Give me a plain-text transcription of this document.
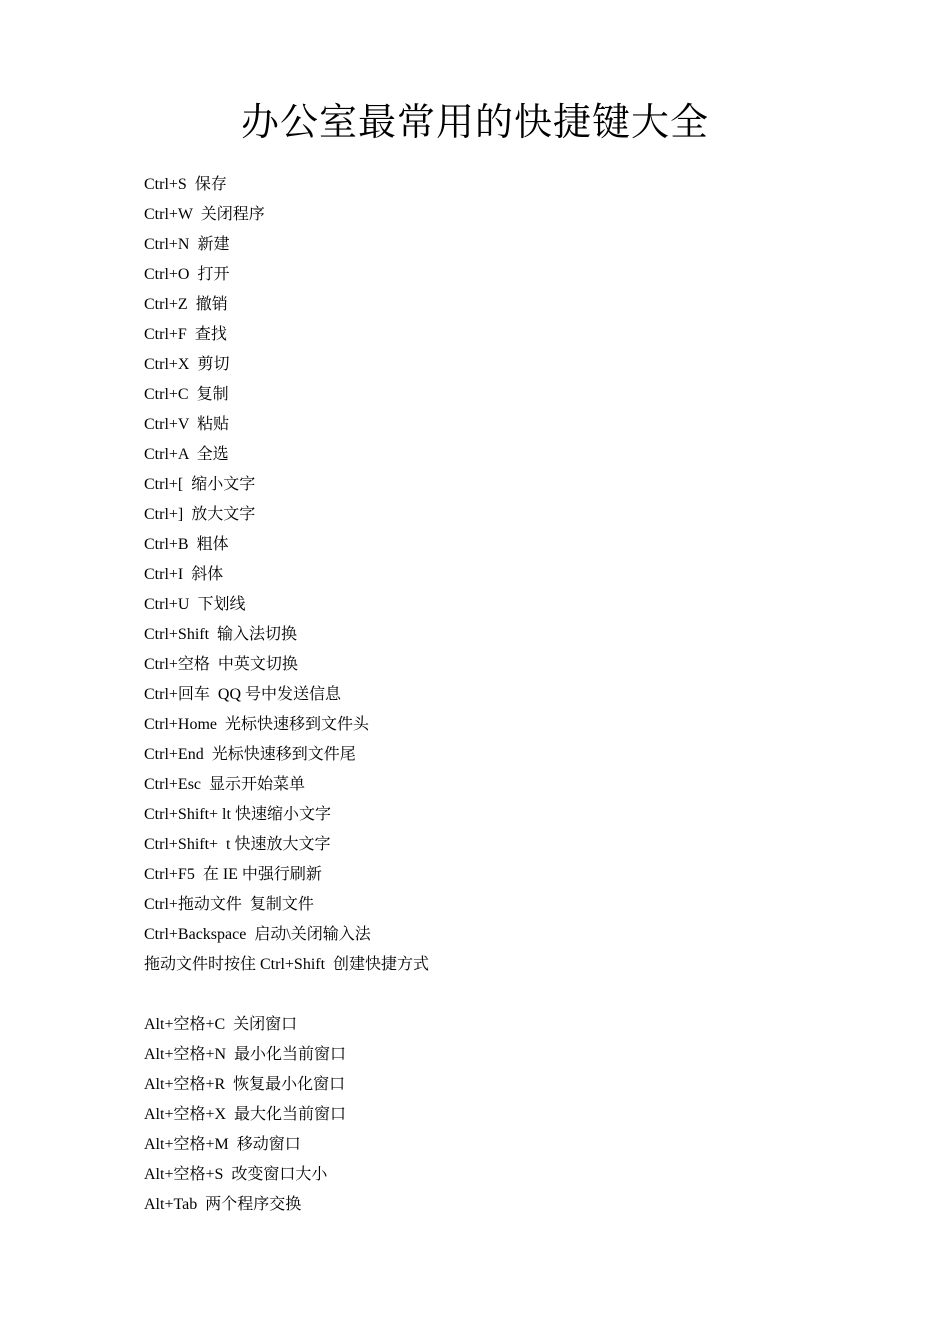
办公室最常用的快捷键大全
Ctrl+S  保存
Ctrl+W  关闭程序
Ctrl+N  新建
Ctrl+O  打开
Ctrl+Z  撤销
Ctrl+F  查找
Ctrl+X  剪切
Ctrl+C  复制
Ctrl+V  粘贴
Ctrl+A  全选
Ctrl+[  缩小文字
Ctrl+]  放大文字
Ctrl+B  粗体
Ctrl+I  斜体
Ctrl+U  下划线
Ctrl+Shift  输入法切换
Ctrl+空格  中英文切换
Ctrl+回车  QQ 号中发送信息
Ctrl+Home  光标快速移到文件头
Ctrl+End  光标快速移到文件尾
Ctrl+Esc  显示开始菜单
Ctrl+Shift+ lt 快速缩小文字
Ctrl+Shift+  t 快速放大文字
Ctrl+F5  在 IE 中强行刷新
Ctrl+拖动文件  复制文件
Ctrl+Backspace  启动\关闭输入法
拖动文件时按住 Ctrl+Shift  创建快捷方式
Alt+空格+C  关闭窗口
Alt+空格+N  最小化当前窗口
Alt+空格+R  恢复最小化窗口
Alt+空格+X  最大化当前窗口
Alt+空格+M  移动窗口
Alt+空格+S  改变窗口大小
Alt+Tab  两个程序交换
